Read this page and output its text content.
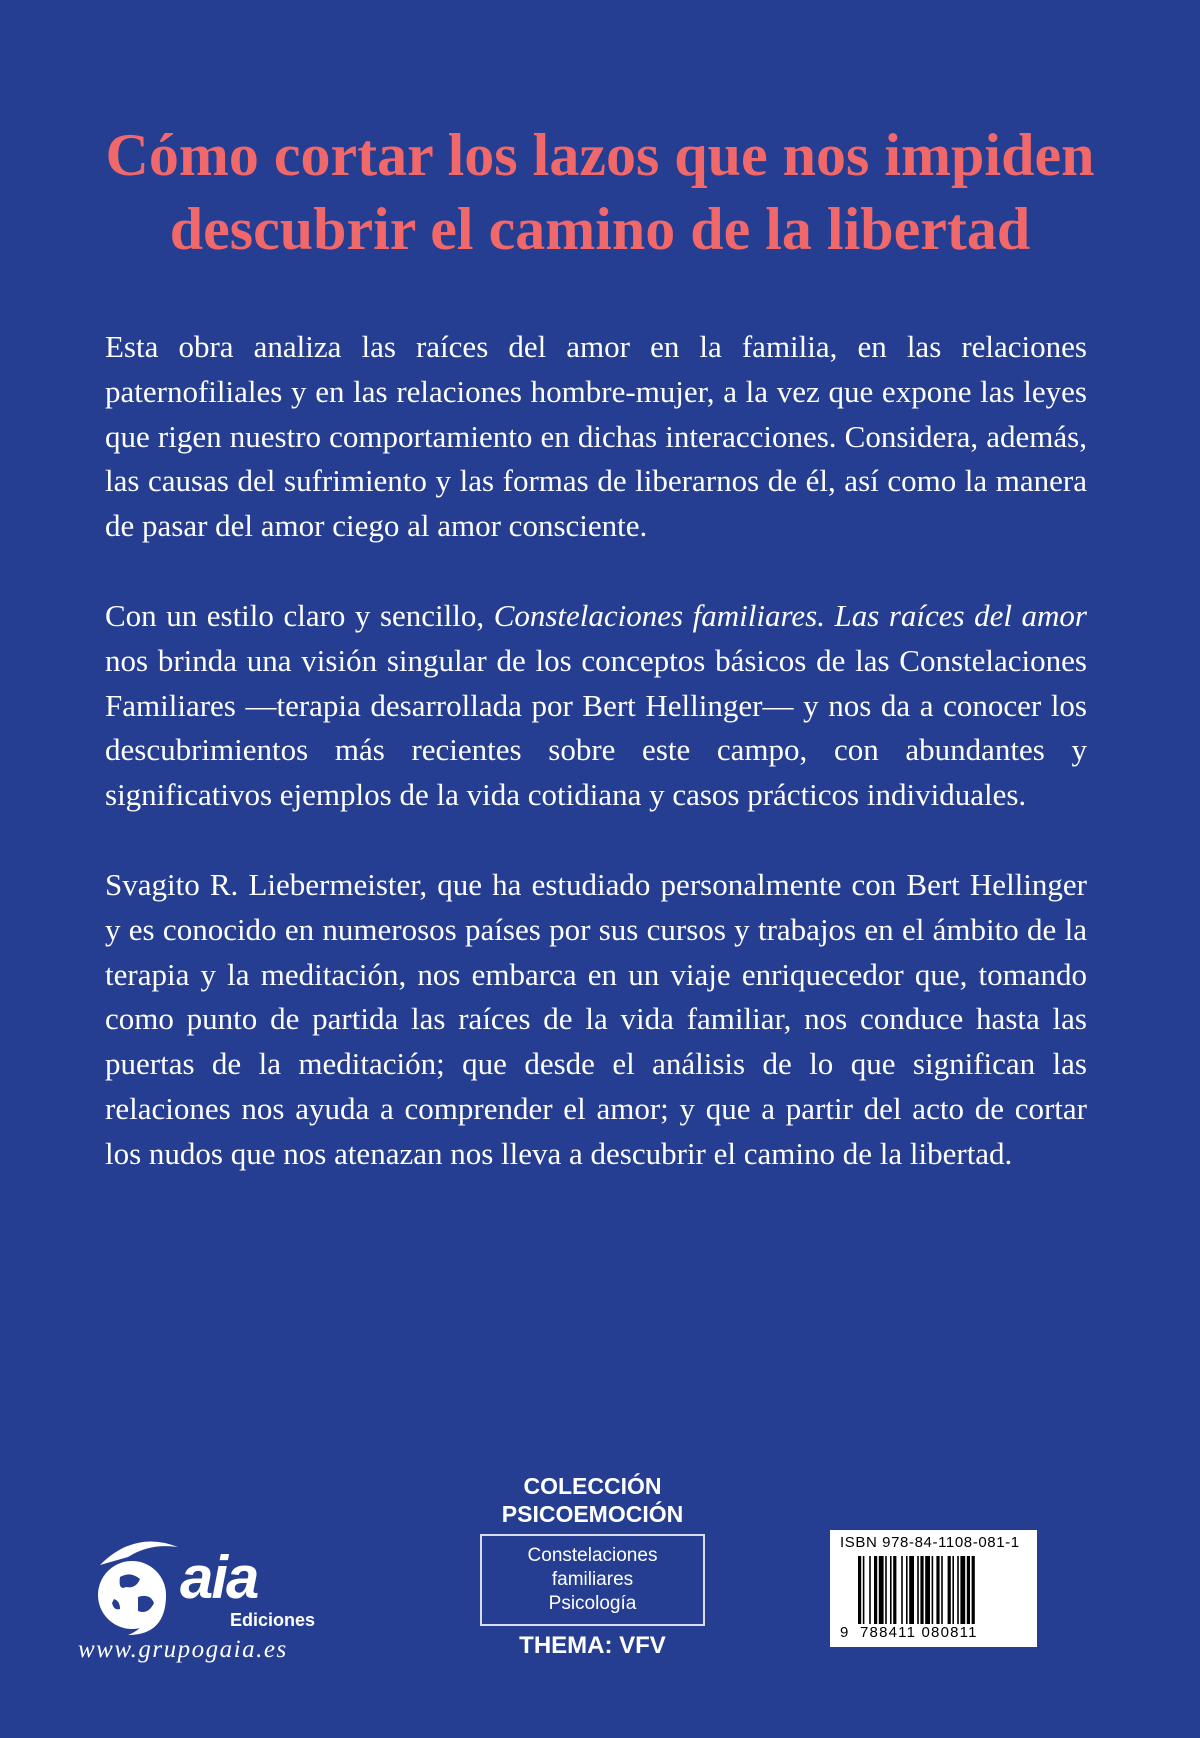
Cómo cortar los lazos que nos impiden
descubrir el camino de la libertad

Esta obra analiza las raíces del amor en la familia, en las relaciones paternofiliales y en las relaciones hombre-mujer, a la vez que expone las leyes que rigen nuestro comportamiento en dichas interacciones. Considera, además, las causas del sufrimiento y las formas de liberarnos de él, así como la manera de pasar del amor ciego al amor consciente.

Con un estilo claro y sencillo, Constelaciones familiares. Las raíces del amor nos brinda una visión singular de los conceptos básicos de las Constelaciones Familiares —terapia desarrollada por Bert Hellinger— y nos da a conocer los descubrimientos más recientes sobre este campo, con abundantes y significativos ejemplos de la vida cotidiana y casos prácticos individuales.

Svagito R. Liebermeister, que ha estudiado personalmente con Bert Hellinger y es conocido en numerosos países por sus cursos y trabajos en el ámbito de la terapia y la meditación, nos embarca en un viaje enriquecedor que, tomando como punto de partida las raíces de la vida familiar, nos conduce hasta las puertas de la meditación; que desde el análisis de lo que significan las relaciones nos ayuda a comprender el amor; y que a partir del acto de cortar los nudos que nos atenazan nos lleva a descubrir el camino de la libertad.

aia
Ediciones
www.grupogaia.es
COLECCIÓN
PSICOEMOCIÓN
Constelaciones
familiares
Psicología
THEMA: VFV
ISBN 978-84-1108-081-1
9 788411 080811
